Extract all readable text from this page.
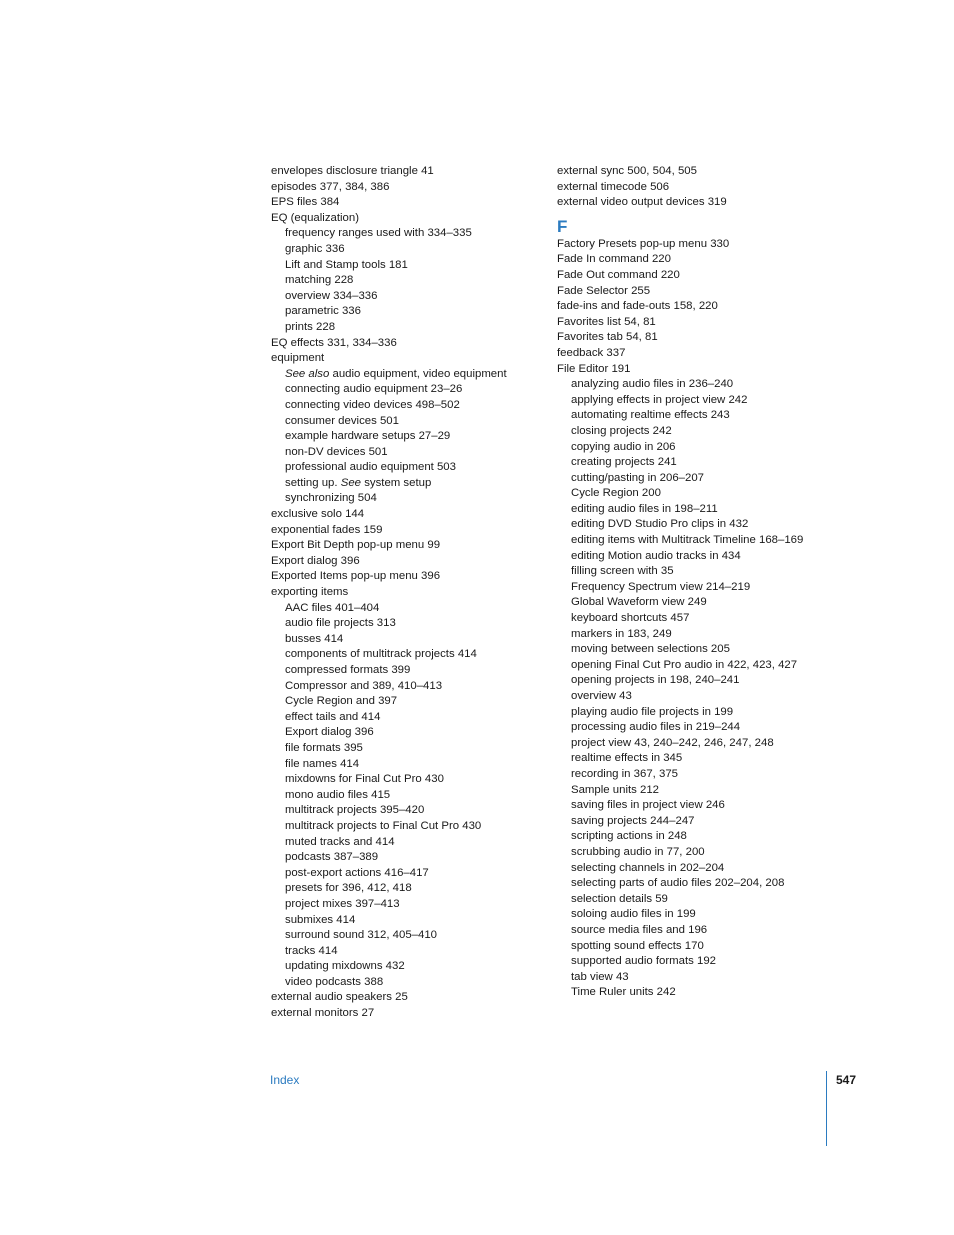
envelopes disclosure triangle 41
episodes 377, 384, 386
EPS files 384
EQ (equalization)
frequency ranges used with 334–335
graphic 336
Lift and Stamp tools 181
matching 228
overview 334–336
parametric 336
prints 228
EQ effects 331, 334–336
equipment
See also audio equipment, video equipment
connecting audio equipment 23–26
connecting video devices 498–502
consumer devices 501
example hardware setups 27–29
non-DV devices 501
professional audio equipment 503
setting up. See system setup
synchronizing 504
exclusive solo 144
exponential fades 159
Export Bit Depth pop-up menu 99
Export dialog 396
Exported Items pop-up menu 396
exporting items
AAC files 401–404
audio file projects 313
busses 414
components of multitrack projects 414
compressed formats 399
Compressor and 389, 410–413
Cycle Region and 397
effect tails and 414
Export dialog 396
file formats 395
file names 414
mixdowns for Final Cut Pro 430
mono audio files 415
multitrack projects 395–420
multitrack projects to Final Cut Pro 430
muted tracks and 414
podcasts 387–389
post-export actions 416–417
presets for 396, 412, 418
project mixes 397–413
submixes 414
surround sound 312, 405–410
tracks 414
updating mixdowns 432
video podcasts 388
external audio speakers 25
external monitors 27
external sync 500, 504, 505
external timecode 506
external video output devices 319
F
Factory Presets pop-up menu 330
Fade In command 220
Fade Out command 220
Fade Selector 255
fade-ins and fade-outs 158, 220
Favorites list 54, 81
Favorites tab 54, 81
feedback 337
File Editor 191
analyzing audio files in 236–240
applying effects in project view 242
automating realtime effects 243
closing projects 242
copying audio in 206
creating projects 241
cutting/pasting in 206–207
Cycle Region 200
editing audio files in 198–211
editing DVD Studio Pro clips in 432
editing items with Multitrack Timeline 168–169
editing Motion audio tracks in 434
filling screen with 35
Frequency Spectrum view 214–219
Global Waveform view 249
keyboard shortcuts 457
markers in 183, 249
moving between selections 205
opening Final Cut Pro audio in 422, 423, 427
opening projects in 198, 240–241
overview 43
playing audio file projects in 199
processing audio files in 219–244
project view 43, 240–242, 246, 247, 248
realtime effects in 345
recording in 367, 375
Sample units 212
saving files in project view 246
saving projects 244–247
scripting actions in 248
scrubbing audio in 77, 200
selecting channels in 202–204
selecting parts of audio files 202–204, 208
selection details 59
soloing audio files in 199
source media files and 196
spotting sound effects 170
supported audio formats 192
tab view 43
Time Ruler units 242
Index	547
